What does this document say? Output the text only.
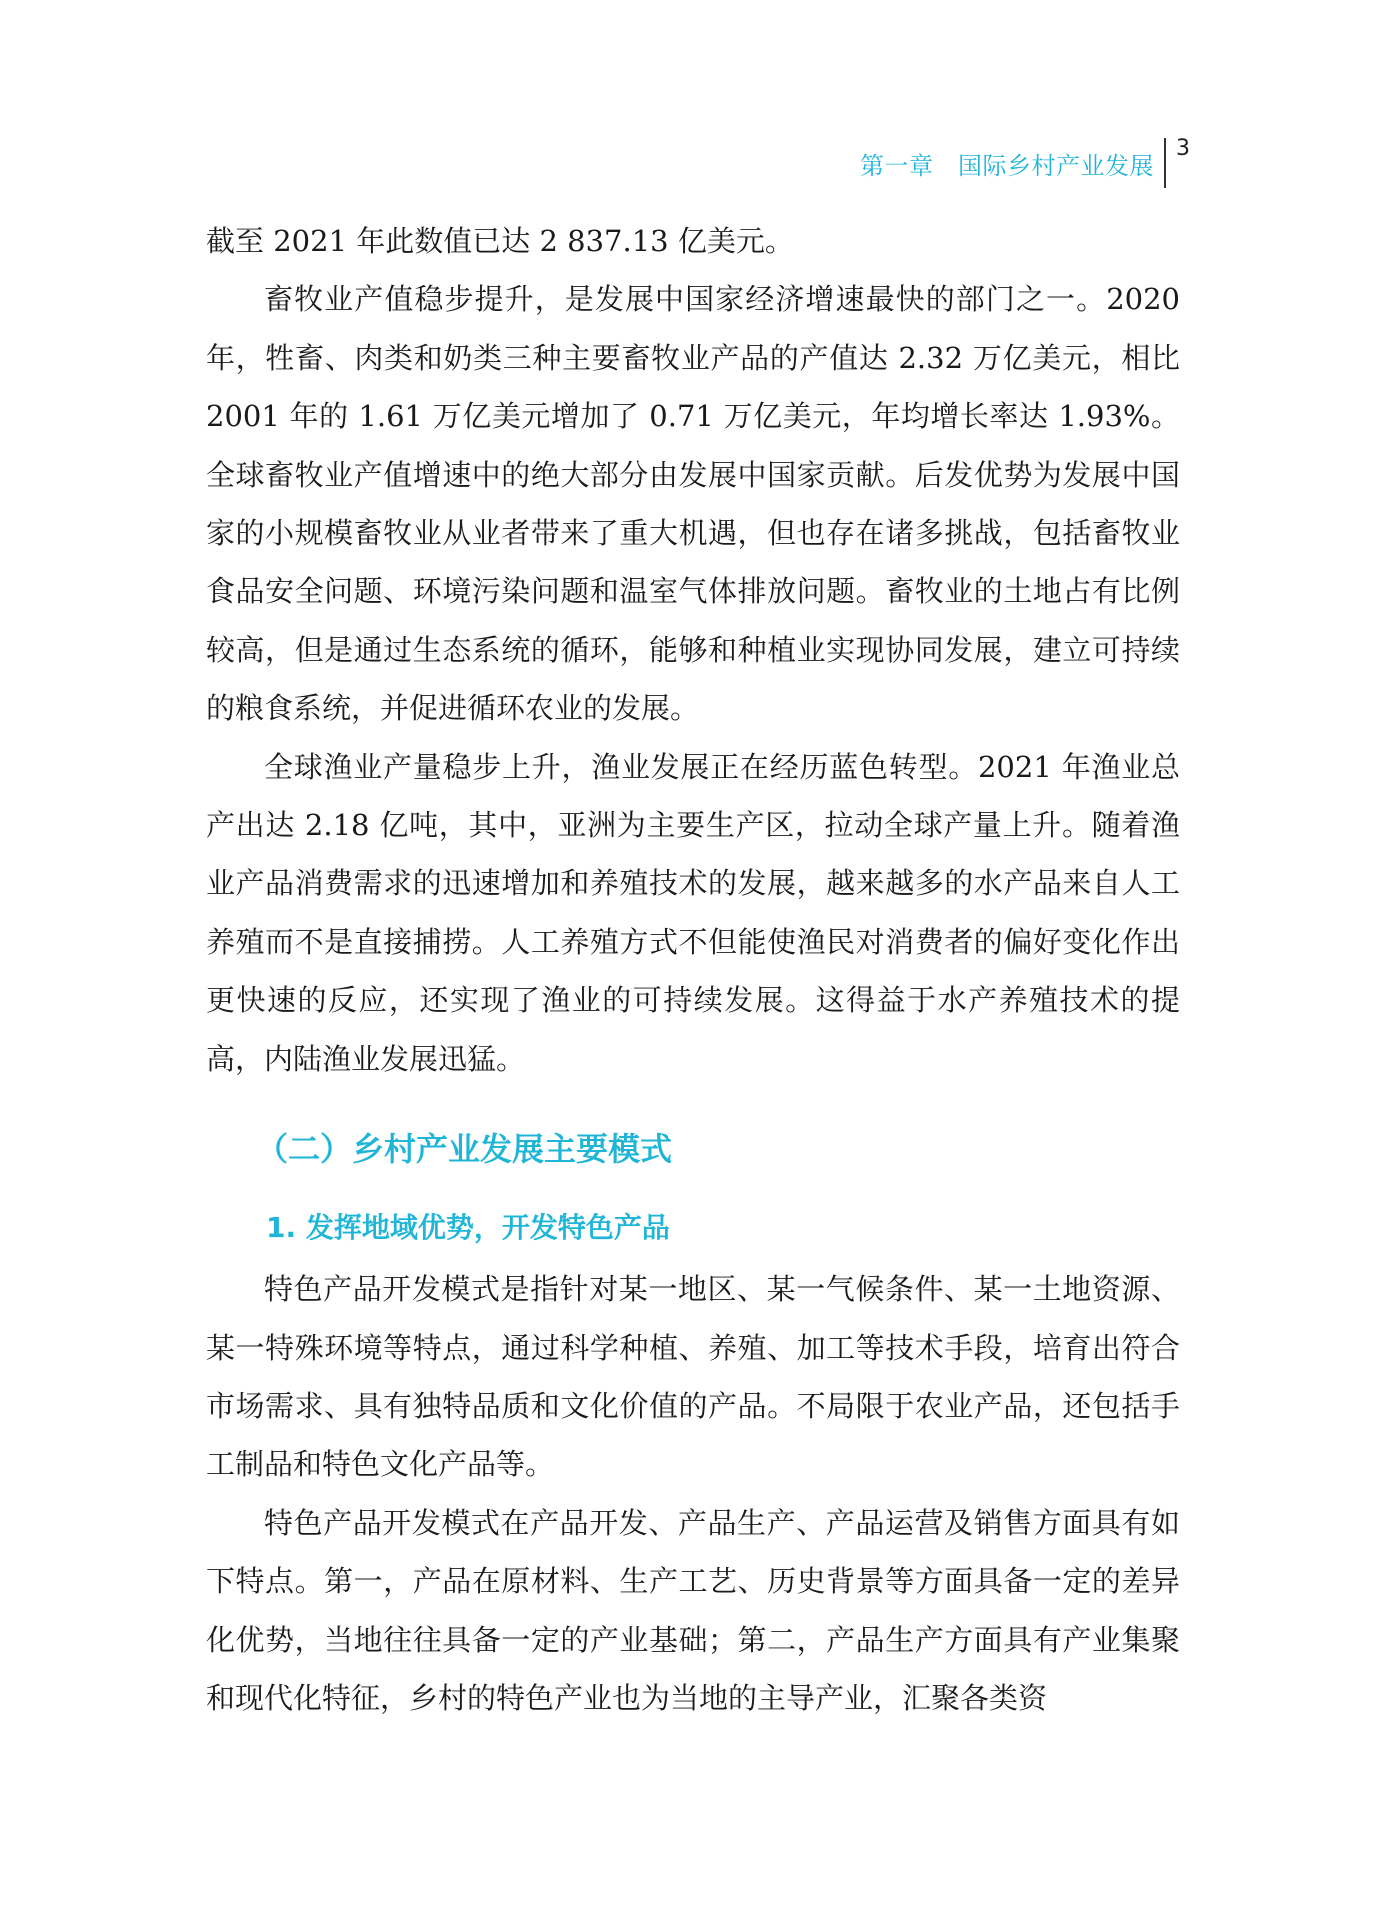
第一章　国际乡村产业发展
3

截至 2021 年此数值已达 2 837.13 亿美元。

畜牧业产值稳步提升，是发展中国家经济增速最快的部门之一。2020 年，牲畜、肉类和奶类三种主要畜牧业产品的产值达 2.32 万亿美元，相比 2001 年的 1.61 万亿美元增加了 0.71 万亿美元，年均增长率达 1.93%。全球畜牧业产值增速中的绝大部分由发展中国家贡献。后发优势为发展中国家的小规模畜牧业从业者带来了重大机遇，但也存在诸多挑战，包括畜牧业食品安全问题、环境污染问题和温室气体排放问题。畜牧业的土地占有比例较高，但是通过生态系统的循环，能够和种植业实现协同发展，建立可持续的粮食系统，并促进循环农业的发展。

全球渔业产量稳步上升，渔业发展正在经历蓝色转型。2021 年渔业总产出达 2.18 亿吨，其中，亚洲为主要生产区，拉动全球产量上升。随着渔业产品消费需求的迅速增加和养殖技术的发展，越来越多的水产品来自人工养殖而不是直接捕捞。人工养殖方式不但能使渔民对消费者的偏好变化作出更快速的反应，还实现了渔业的可持续发展。这得益于水产养殖技术的提高，内陆渔业发展迅猛。

（二）乡村产业发展主要模式
1. 发挥地域优势，开发特色产品

特色产品开发模式是指针对某一地区、某一气候条件、某一土地资源、某一特殊环境等特点，通过科学种植、养殖、加工等技术手段，培育出符合市场需求、具有独特品质和文化价值的产品。不局限于农业产品，还包括手工制品和特色文化产品等。

特色产品开发模式在产品开发、产品生产、产品运营及销售方面具有如下特点。第一，产品在原材料、生产工艺、历史背景等方面具备一定的差异化优势，当地往往具备一定的产业基础；第二，产品生产方面具有产业集聚和现代化特征，乡村的特色产业也为当地的主导产业，汇聚各类资
